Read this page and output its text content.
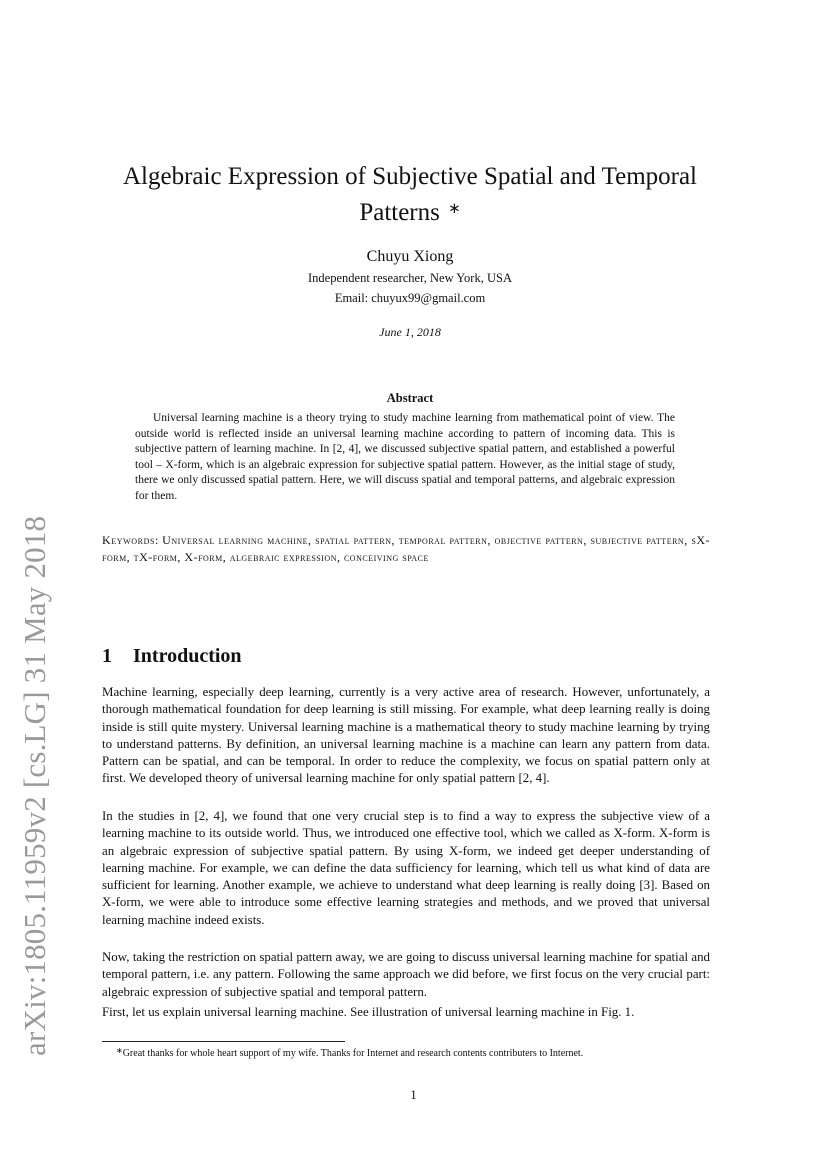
arXiv:1805.11959v2 [cs.LG] 31 May 2018
Algebraic Expression of Subjective Spatial and Temporal
Patterns ∗
Chuyu Xiong
Independent researcher, New York, USA
Email: chuyux99@gmail.com
June 1, 2018
Abstract

Universal learning machine is a theory trying to study machine learning from mathematical point of view. The outside world is reflected inside an universal learning machine according to pattern of incoming data. This is subjective pattern of learning machine. In [2, 4], we discussed subjective spatial pattern, and established a powerful tool – X-form, which is an algebraic expression for subjective spatial pattern. However, as the initial stage of study, there we only discussed spatial pattern. Here, we will discuss spatial and temporal patterns, and algebraic expression for them.

Keywords: Universal learning machine, spatial pattern, temporal pattern, objective pattern, subjective pattern, sX-form, tX-form, X-form, algebraic expression, conceiving space
1 Introduction

Machine learning, especially deep learning, currently is a very active area of research. However, unfortunately, a thorough mathematical foundation for deep learning is still missing. For example, what deep learning really is doing inside is still quite mystery. Universal learning machine is a mathematical theory to study machine learning by trying to understand patterns. By definition, an universal learning machine is a machine can learn any pattern from data. Pattern can be spatial, and can be temporal. In order to reduce the complexity, we focus on spatial pattern only at first. We developed theory of universal learning machine for only spatial pattern [2, 4].

In the studies in [2, 4], we found that one very crucial step is to find a way to express the subjective view of a learning machine to its outside world. Thus, we introduced one effective tool, which we called as X-form. X-form is an algebraic expression of subjective spatial pattern. By using X-form, we indeed get deeper understanding of learning machine. For example, we can define the data sufficiency for learning, which tell us what kind of data are sufficient for learning. Another example, we achieve to understand what deep learning is really doing [3]. Based on X-form, we were able to introduce some effective learning strategies and methods, and we proved that universal learning machine indeed exists.

Now, taking the restriction on spatial pattern away, we are going to discuss universal learning machine for spatial and temporal pattern, i.e. any pattern. Following the same approach we did before, we first focus on the very crucial part: algebraic expression of subjective spatial and temporal pattern.

First, let us explain universal learning machine. See illustration of universal learning machine in Fig. 1.

∗Great thanks for whole heart support of my wife. Thanks for Internet and research contents contributers to Internet.
1
